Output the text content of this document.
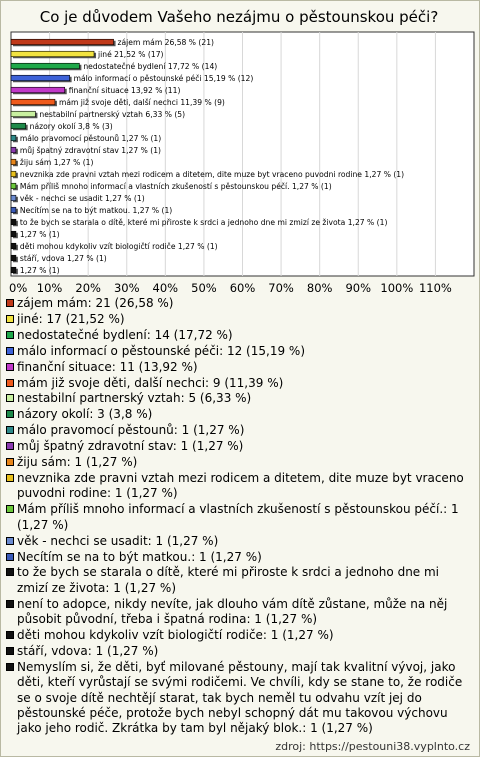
Co je důvodem Vašeho nezájmu o pěstounskou péči?
0% 10% 20% 30% 40% 50% 60% 70% 80% 90% 100% 110%
zájem mám 26,58 % (21)
jiné 21,52 % (17)
nedostatečné bydlení 17,72 % (14)
málo informací o pěstounské péči 15,19 % (12)
finanční situace 13,92 % (11)
mám již svoje děti, další nechci 11,39 % (9)
nestabilní partnerský vztah 6,33 % (5)
názory okolí 3,8 % (3)
málo pravomocí pěstounů 1,27 % (1)
můj špatný zdravotní stav 1,27 % (1)
žiju sám 1,27 % (1)
nevznika zde pravni vztah mezi rodicem a ditetem, dite muze byt vraceno puvodni rodine 1,27 % (1)
Mám příliš mnoho informací a vlastních zkušeností s pěstounskou péčí. 1,27 % (1)
věk - nechci se usadit 1,27 % (1)
Necítím se na to být matkou. 1,27 % (1)
to že bych se starala o dítě, které mi přiroste k srdci a jednoho dne mi zmizí ze života 1,27 % (1)
1,27 % (1)
děti mohou kdykoliv vzít biologičtí rodiče 1,27 % (1)
stáří, vdova 1,27 % (1)
1,27 % (1)
zájem mám: 21 (26,58 %)
jiné: 17 (21,52 %)
nedostatečné bydlení: 14 (17,72 %)
málo informací o pěstounské péči: 12 (15,19 %)
finanční situace: 11 (13,92 %)
mám již svoje děti, další nechci: 9 (11,39 %)
nestabilní partnerský vztah: 5 (6,33 %)
názory okolí: 3 (3,8 %)
málo pravomocí pěstounů: 1 (1,27 %)
můj špatný zdravotní stav: 1 (1,27 %)
žiju sám: 1 (1,27 %)
nevznika zde pravni vztah mezi rodicem a ditetem, dite muze byt vraceno puvodni rodine: 1 (1,27 %)
Mám příliš mnoho informací a vlastních zkušeností s pěstounskou péčí.: 1 (1,27 %)
věk - nechci se usadit: 1 (1,27 %)
Necítím se na to být matkou.: 1 (1,27 %)
to že bych se starala o dítě, které mi přiroste k srdci a jednoho dne mi zmizí ze života: 1 (1,27 %)
není to adopce, nikdy nevíte, jak dlouho vám dítě zůstane, může na něj působit původní, třeba i špatná rodina: 1 (1,27 %)
děti mohou kdykoliv vzít biologičtí rodiče: 1 (1,27 %)
stáří, vdova: 1 (1,27 %)
Nemyslím si, že děti, byť milované pěstouny, mají tak kvalitní vývoj, jako děti, kteří vyrůstají se svými rodičemi. Ve chvíli, kdy se stane to, že rodiče se o svoje dítě nechtějí starat, tak bych neměl tu odvahu vzít jej do pěstounské péče, protože bych nebyl schopný dát mu takovou výchovu jako jeho rodič. Zkrátka by tam byl nějaký blok.: 1 (1,27 %)
zdroj: https://pestouni38.vyplnto.cz
